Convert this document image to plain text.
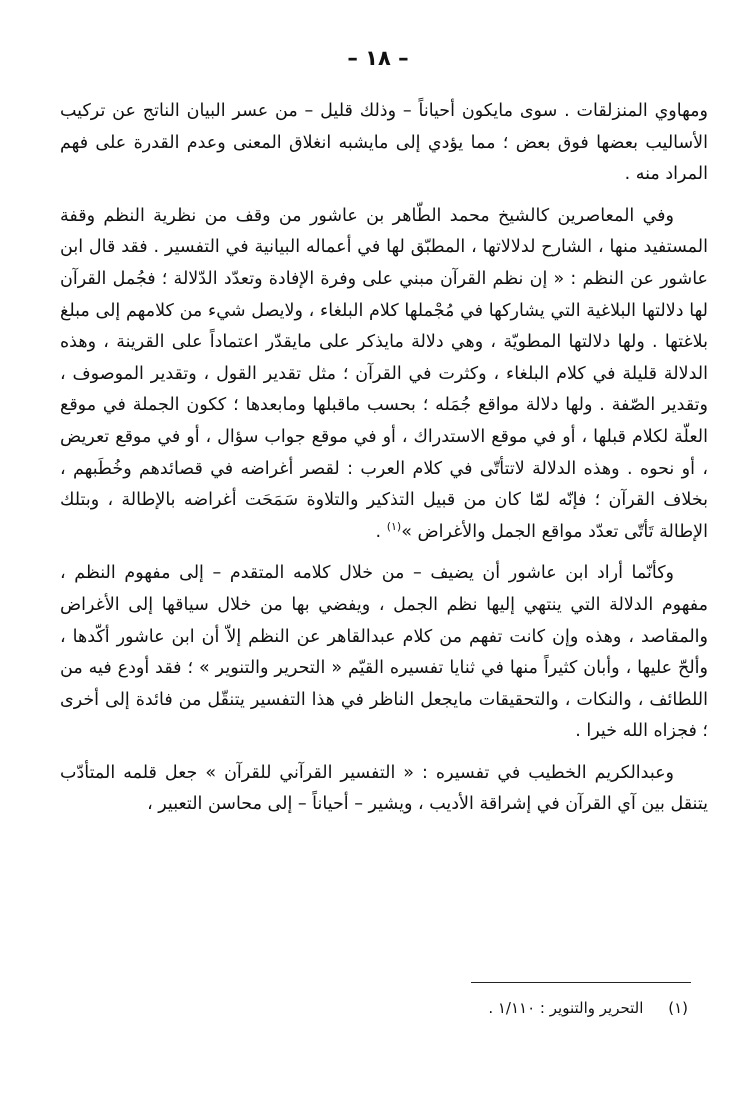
– ١٨ –

ومهاوي المنزلقات . سوى مايكون أحياناً – وذلك قليل – من عسر البيان الناتج عن تركيب الأساليب بعضها فوق بعض ؛ مما يؤدي إلى مايشبه انغلاق المعنى وعدم القدرة على فهم المراد منه .

وفي المعاصرين كالشيخ محمد الطّاهر بن عاشور من وقف من نظرية النظم وقفة المستفيد منها ، الشارح لدلالاتها ، المطبّق لها في أعماله البيانية في التفسير . فقد قال ابن عاشور عن النظم : « إن نظم القرآن مبني على وفرة الإفادة وتعدّد الدّلالة ؛ فجُمل القرآن لها دلالتها البلاغية التي يشاركها في مُجْملها كلام البلغاء ، ولايصل شيء من كلامهم إلى مبلغ بلاغتها . ولها دلالتها المطويّة ، وهي دلالة مايذكر على مايقدّر اعتماداً على القرينة ، وهذه الدلالة قليلة في كلام البلغاء ، وكثرت في القرآن ؛ مثل تقدير القول ، وتقدير الموصوف ، وتقدير الصّفة . ولها دلالة مواقع جُمَله ؛ بحسب ماقبلها ومابعدها ؛ ككون الجملة في موقع العلّة لكلام قبلها ، أو في موقع الاستدراك ، أو في موقع جواب سؤال ، أو في موقع تعريض ، أو نحوه . وهذه الدلالة لاتتأتّى في كلام العرب : لقصر أغراضه في قصائدهم وخُطَبهم ، بخلاف القرآن ؛ فإنّه لمّا كان من قبيل التذكير والتلاوة سَمَحَت أغراضه بالإطالة ، وبتلك الإطالة تَأتّى تعدّد مواقع الجمل والأغراض »$^{(١)}$ .

وكأنّما أراد ابن عاشور أن يضيف – من خلال كلامه المتقدم – إلى مفهوم النظم ، مفهوم الدلالة التي ينتهي إليها نظم الجمل ، ويفضي بها من خلال سياقها إلى الأغراض والمقاصد ، وهذه وإن كانت تفهم من كلام عبدالقاهر عن النظم إلاّ أن ابن عاشور أكّدها ، وألحّ عليها ، وأبان كثيراً منها في ثنايا تفسيره القيّم « التحرير والتنوير » ؛ فقد أودع فيه من اللطائف ، والنكات ، والتحقيقات مايجعل الناظر في هذا التفسير يتنقّل من فائدة إلى أخرى ؛ فجزاه الله خيرا .

وعبدالكريم الخطيب في تفسيره : « التفسير القرآني للقرآن » جعل قلمه المتأدّب يتنقل بين آي القرآن في إشراقة الأديب ، ويشير – أحياناً – إلى محاسن التعبير ،

(١) التحرير والتنوير : ١/١١٠ .
